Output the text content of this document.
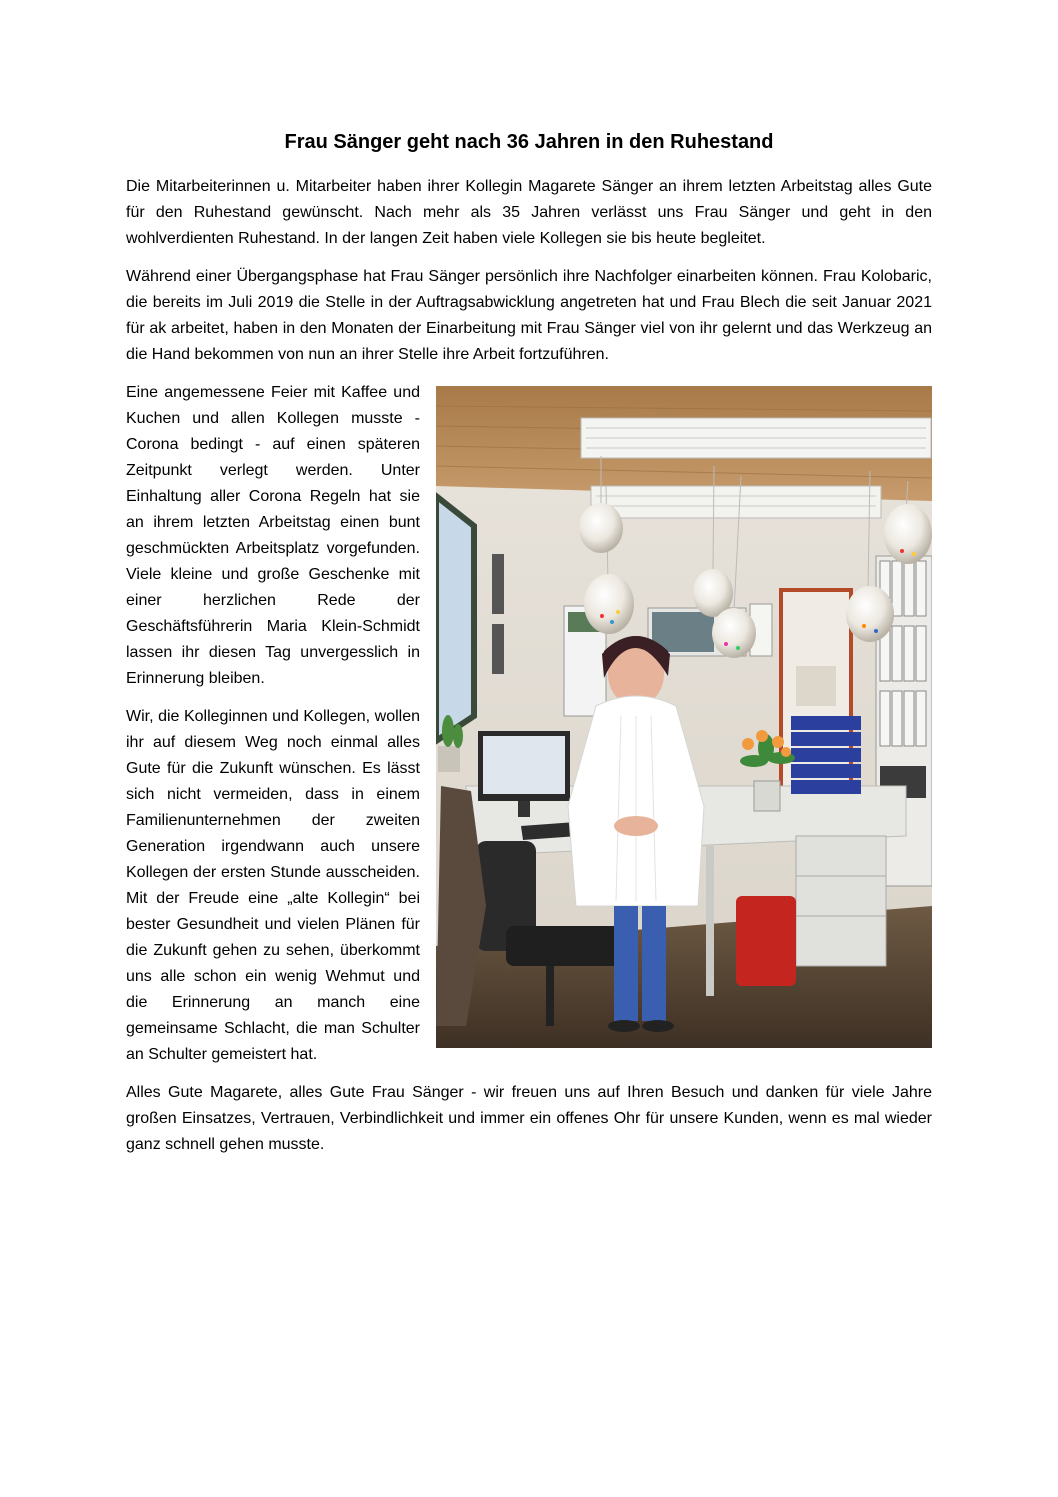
Frau Sänger geht nach 36 Jahren in den Ruhestand

Die Mitarbeiterinnen u. Mitarbeiter haben ihrer Kollegin Magarete Sänger an ihrem letzten Arbeitstag alles Gute für den Ruhestand gewünscht. Nach mehr als 35 Jahren verlässt uns Frau Sänger und geht in den wohlverdienten Ruhestand. In der langen Zeit haben viele Kollegen sie bis heute begleitet.

Während einer Übergangsphase hat Frau Sänger persönlich ihre Nachfolger einarbeiten können. Frau Kolobaric, die bereits im Juli 2019 die Stelle in der Auftragsabwicklung angetreten hat und Frau Blech die seit Januar 2021 für ak arbeitet, haben in den Monaten der Einarbeitung mit Frau Sänger viel von ihr gelernt und das Werkzeug an die Hand bekommen von nun an ihrer Stelle ihre Arbeit fortzuführen.

Eine angemessene Feier mit Kaffee und Kuchen und allen Kollegen musste - Corona bedingt - auf einen späteren Zeitpunkt verlegt werden. Unter Einhaltung aller Corona Regeln hat sie an ihrem letzten Arbeitstag einen bunt geschmückten Arbeitsplatz vorgefunden. Viele kleine und große Geschenke mit einer herzlichen Rede der Geschäftsführerin Maria Klein-Schmidt lassen ihr diesen Tag unvergesslich in Erinnerung bleiben.

Wir, die Kolleginnen und Kollegen, wollen ihr auf diesem Weg noch einmal alles Gute für die Zukunft wünschen. Es lässt sich nicht vermeiden, dass in einem Familienunternehmen der zweiten Generation irgendwann auch unsere Kollegen der ersten Stunde ausscheiden. Mit der Freude eine „alte Kollegin“ bei bester Gesundheit und vielen Plänen für die Zukunft gehen zu sehen, überkommt uns alle schon ein wenig Wehmut und die Erinnerung an manch eine gemeinsame Schlacht, die man Schulter an Schulter gemeistert hat.

Alles Gute Magarete, alles Gute Frau Sänger - wir freuen uns auf Ihren Besuch und danken für viele Jahre großen Einsatzes, Vertrauen, Verbindlichkeit und immer ein offenes Ohr für unsere Kunden, wenn es mal wieder ganz schnell gehen musste.
